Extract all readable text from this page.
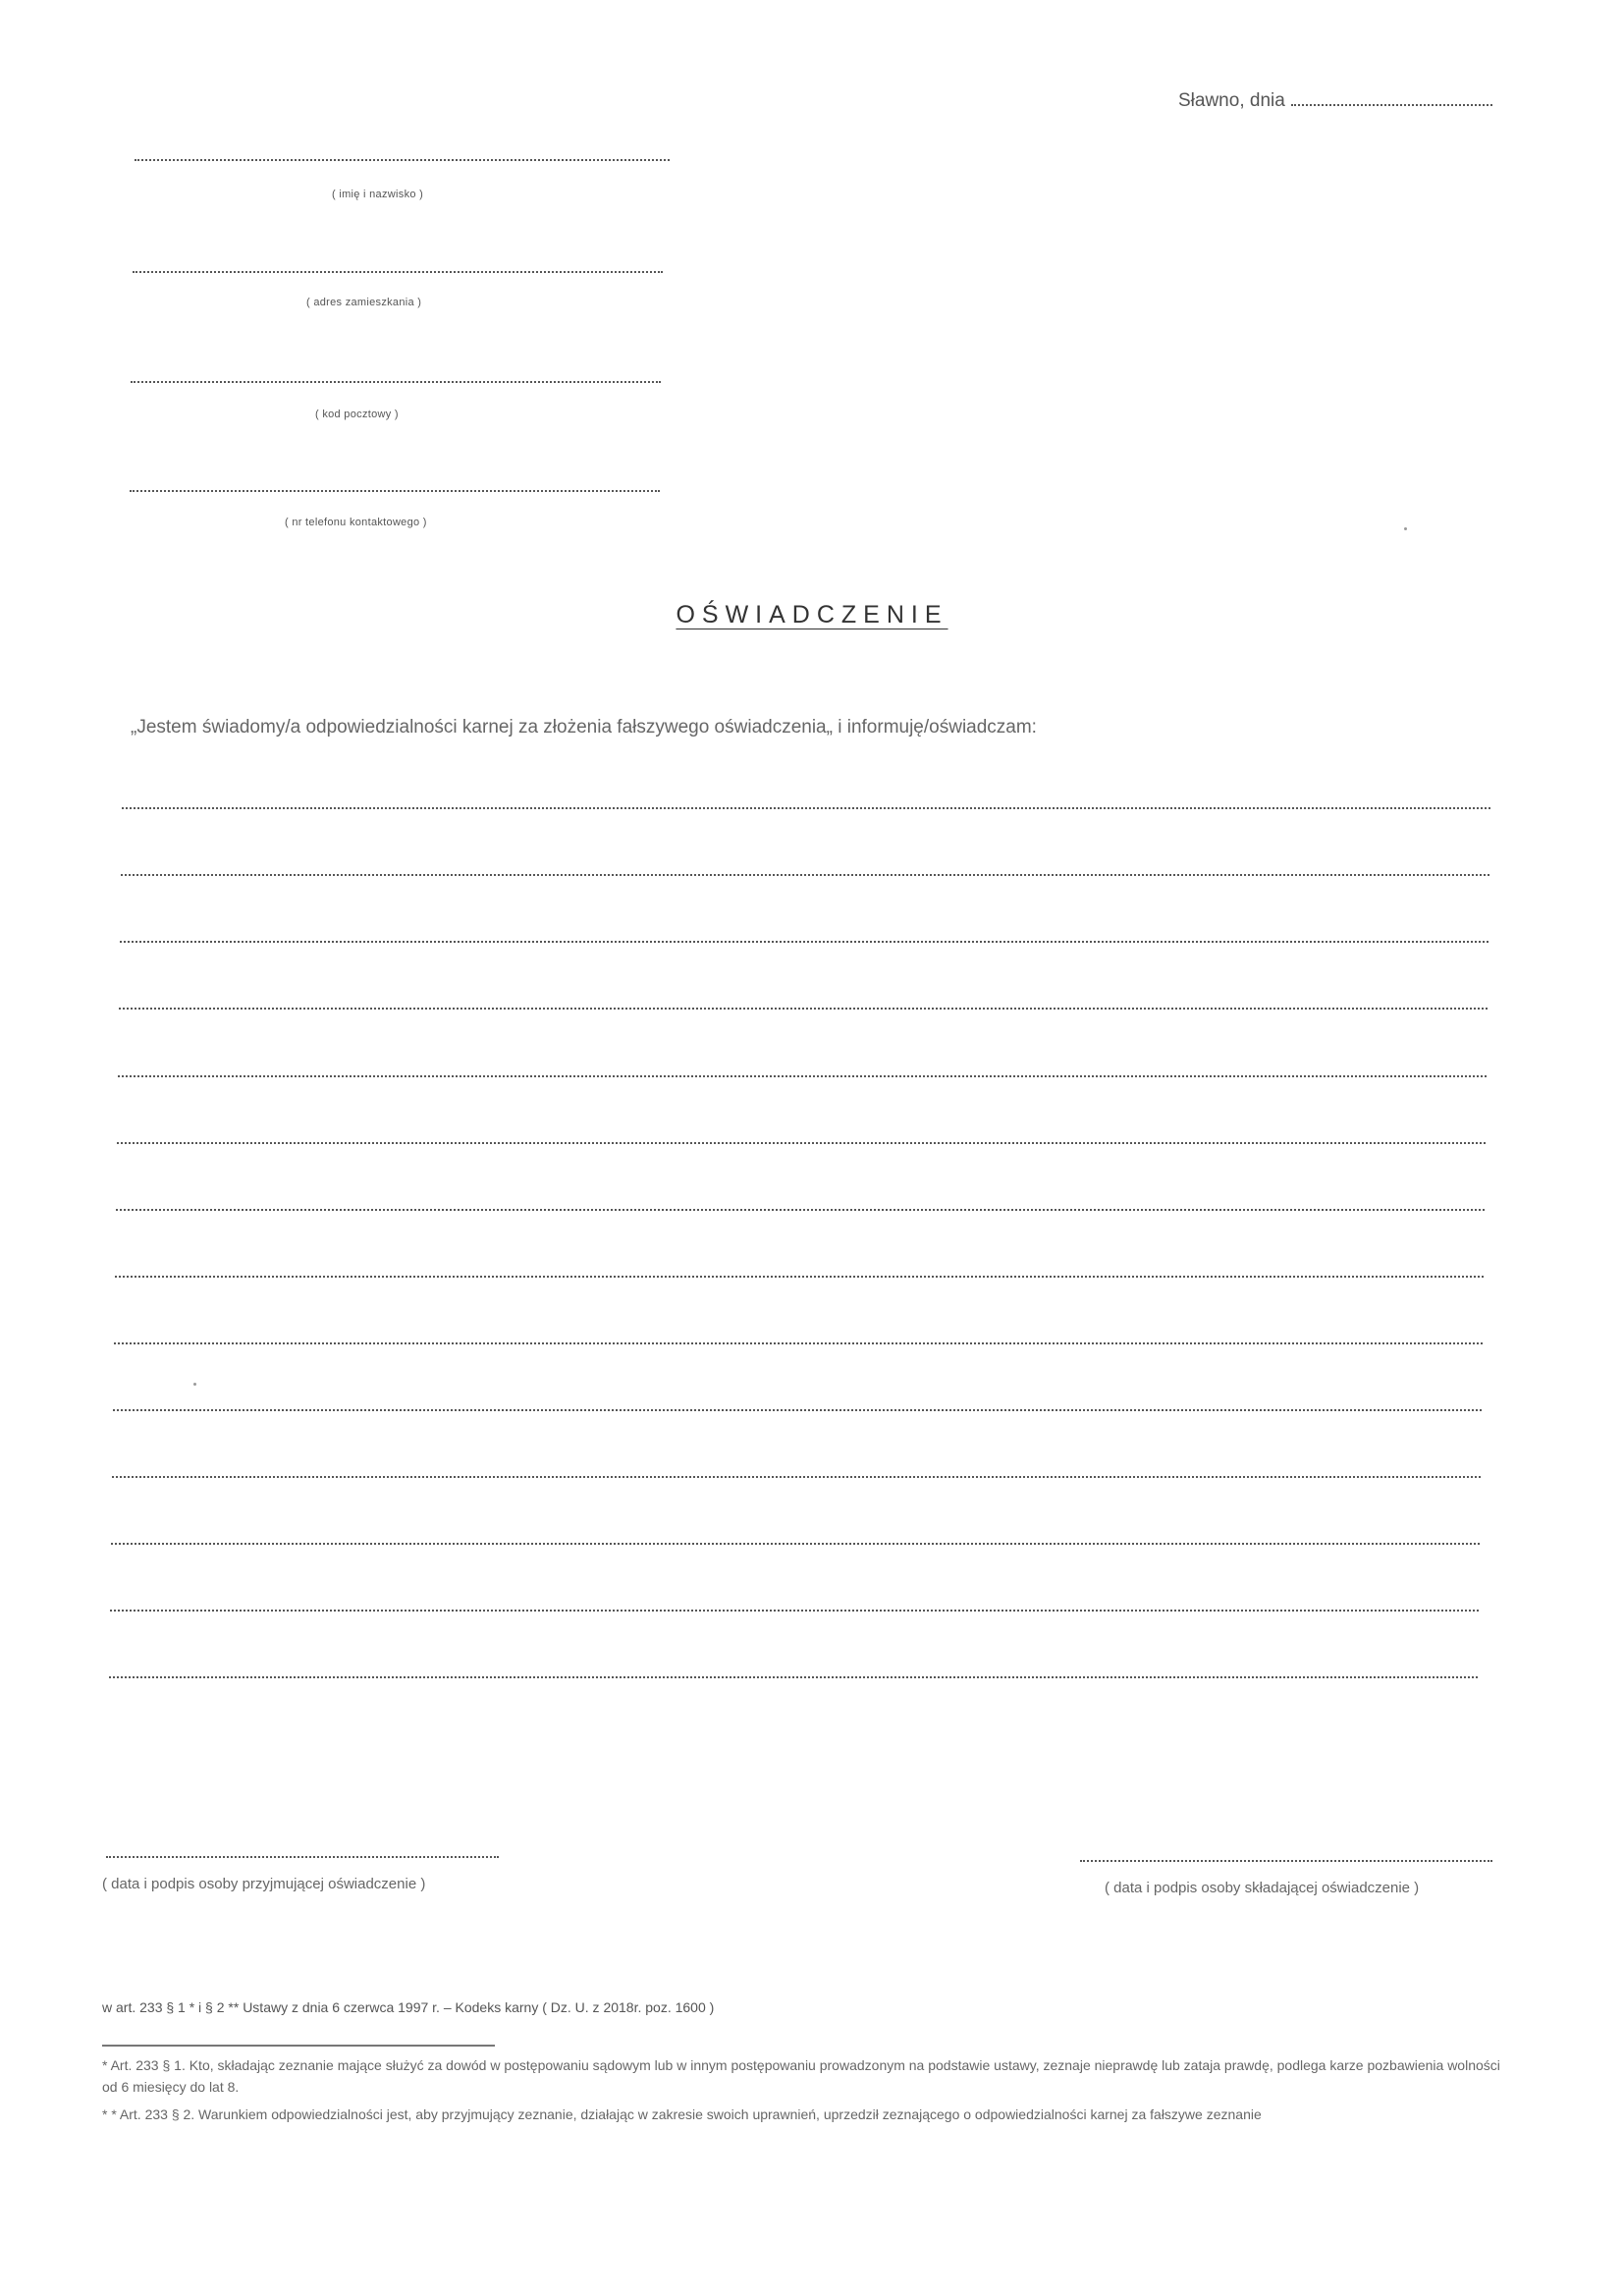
Sławno, dnia
( imię i nazwisko )
( adres zamieszkania )
( kod pocztowy )
( nr telefonu kontaktowego )
OŚWIADCZENIE
„Jestem świadomy/a odpowiedzialności karnej za złożenia fałszywego oświadczenia„ i informuję/oświadczam:
( data i podpis osoby przyjmującej oświadczenie )	( data i podpis osoby składającej oświadczenie )
w art. 233 § 1 * i § 2 ** Ustawy z dnia 6 czerwca 1997 r. – Kodeks karny ( Dz. U. z 2018r. poz. 1600 )
* Art. 233 § 1. Kto, składając zeznanie mające służyć za dowód w postępowaniu sądowym lub w innym postępowaniu prowadzonym na podstawie ustawy, zeznaje nieprawdę lub zataja prawdę, podlega karze pozbawienia wolności od 6 miesięcy do lat 8.
* * Art. 233 § 2. Warunkiem odpowiedzialności jest, aby przyjmujący zeznanie, działając w zakresie swoich uprawnień, uprzedził zeznającego o odpowiedzialności karnej za fałszywe zeznanie
